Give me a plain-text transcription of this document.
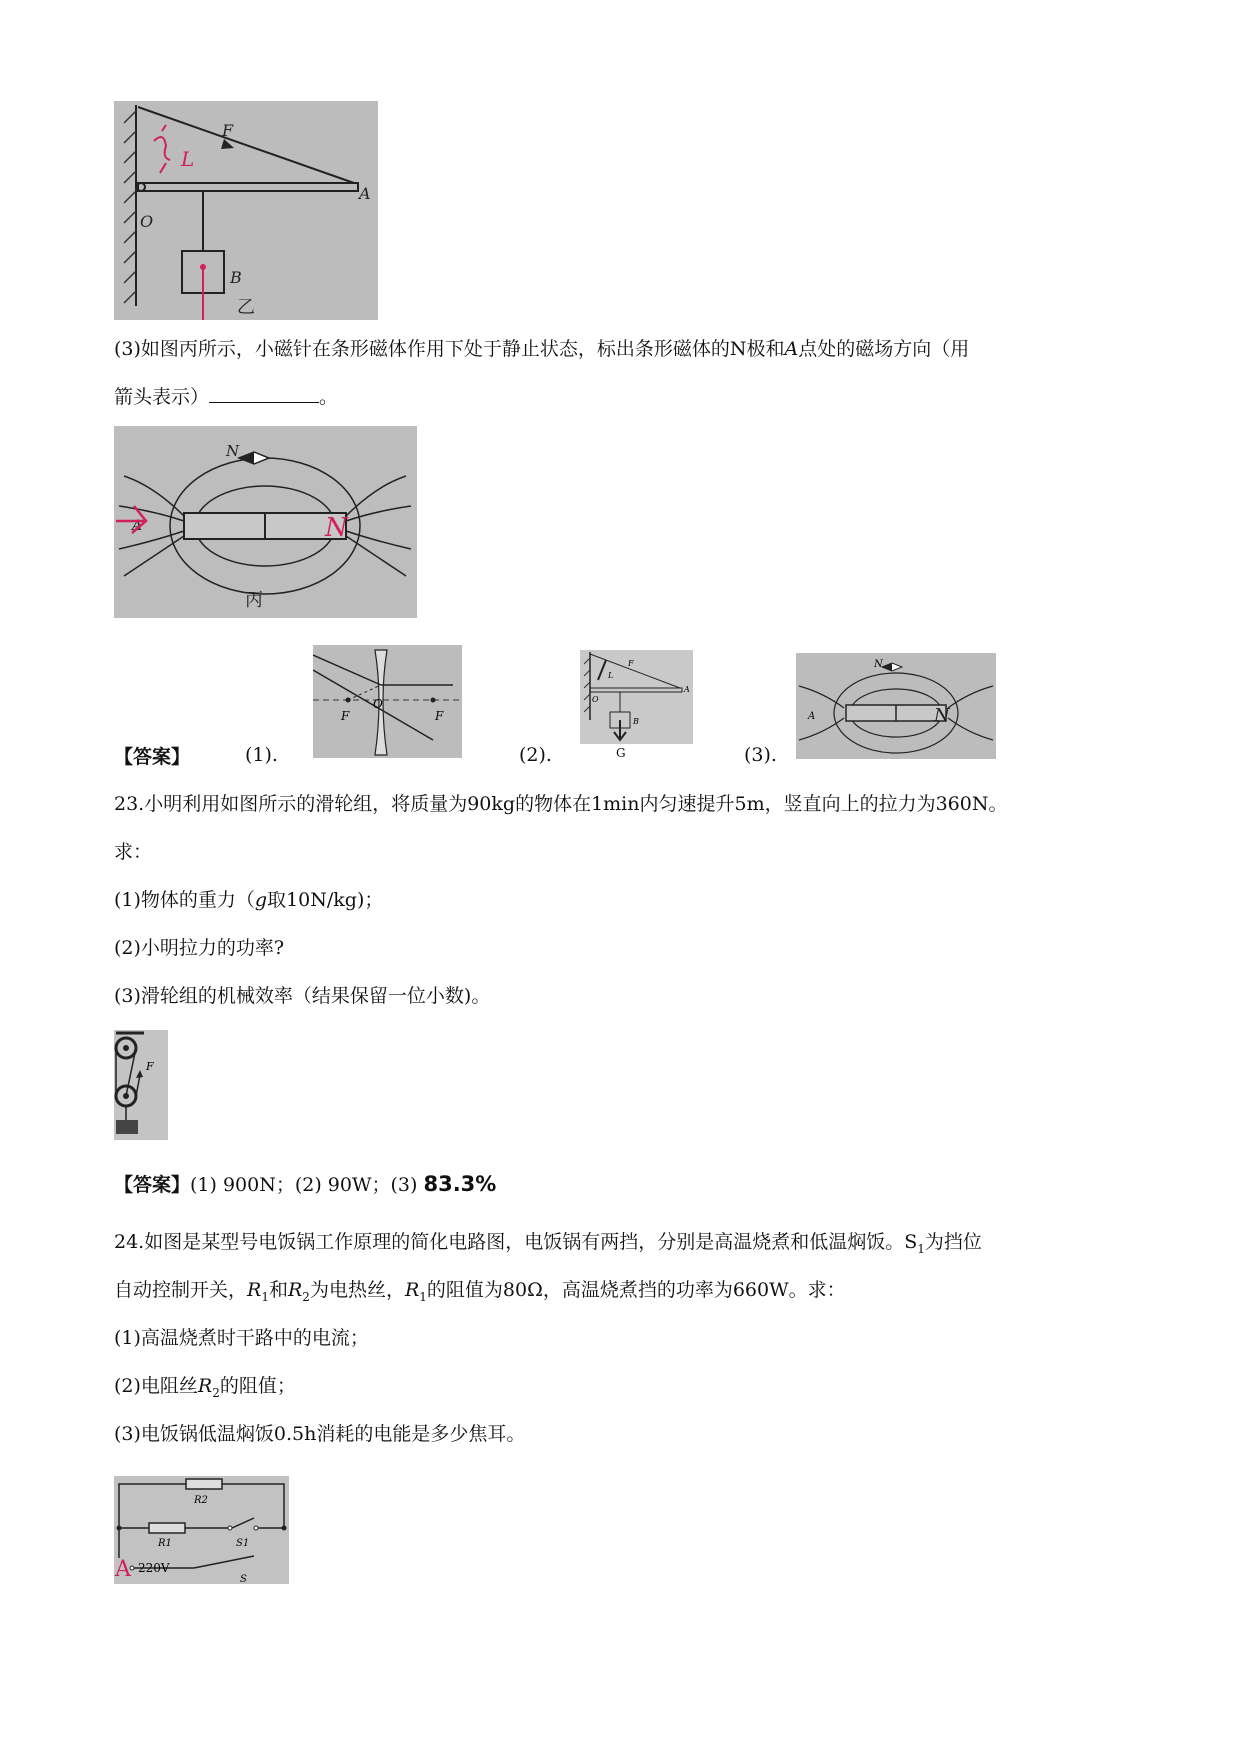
L
F
A
O
B
乙
(3)如图丙所示，小磁针在条形磁体作用下处于静止状态，标出条形磁体的N极和A点处的磁场方向（用
箭头表示）	。
N
A	N
丙
【答案】	(1).	(2).	(3).
F
O
F
L
F
A
O
B
G
N
A	N
23.小明利用如图所示的滑轮组，将质量为90kg的物体在1min内匀速提升5m，竖直向上的拉力为360N。
求：
(1)物体的重力（g取10N/kg)；
(2)小明拉力的功率?
(3)滑轮组的机械效率（结果保留一位小数)。
F
【答案】(1) 900N；(2) 90W；(3) 83.3%
24.如图是某型号电饭锅工作原理的简化电路图，电饭锅有两挡，分别是高温烧煮和低温焖饭。$S_1$为挡位
自动控制开关，$R_1$和$R_2$为电热丝，$R_1$的阻值为80Ω，高温烧煮挡的功率为660W。求：
(1)高温烧煮时干路中的电流；
(2)电阻丝$R_2$的阻值；
(3)电饭锅低温焖饭0.5h消耗的电能是多少焦耳。
R2
R1	S1
220V
A	S
